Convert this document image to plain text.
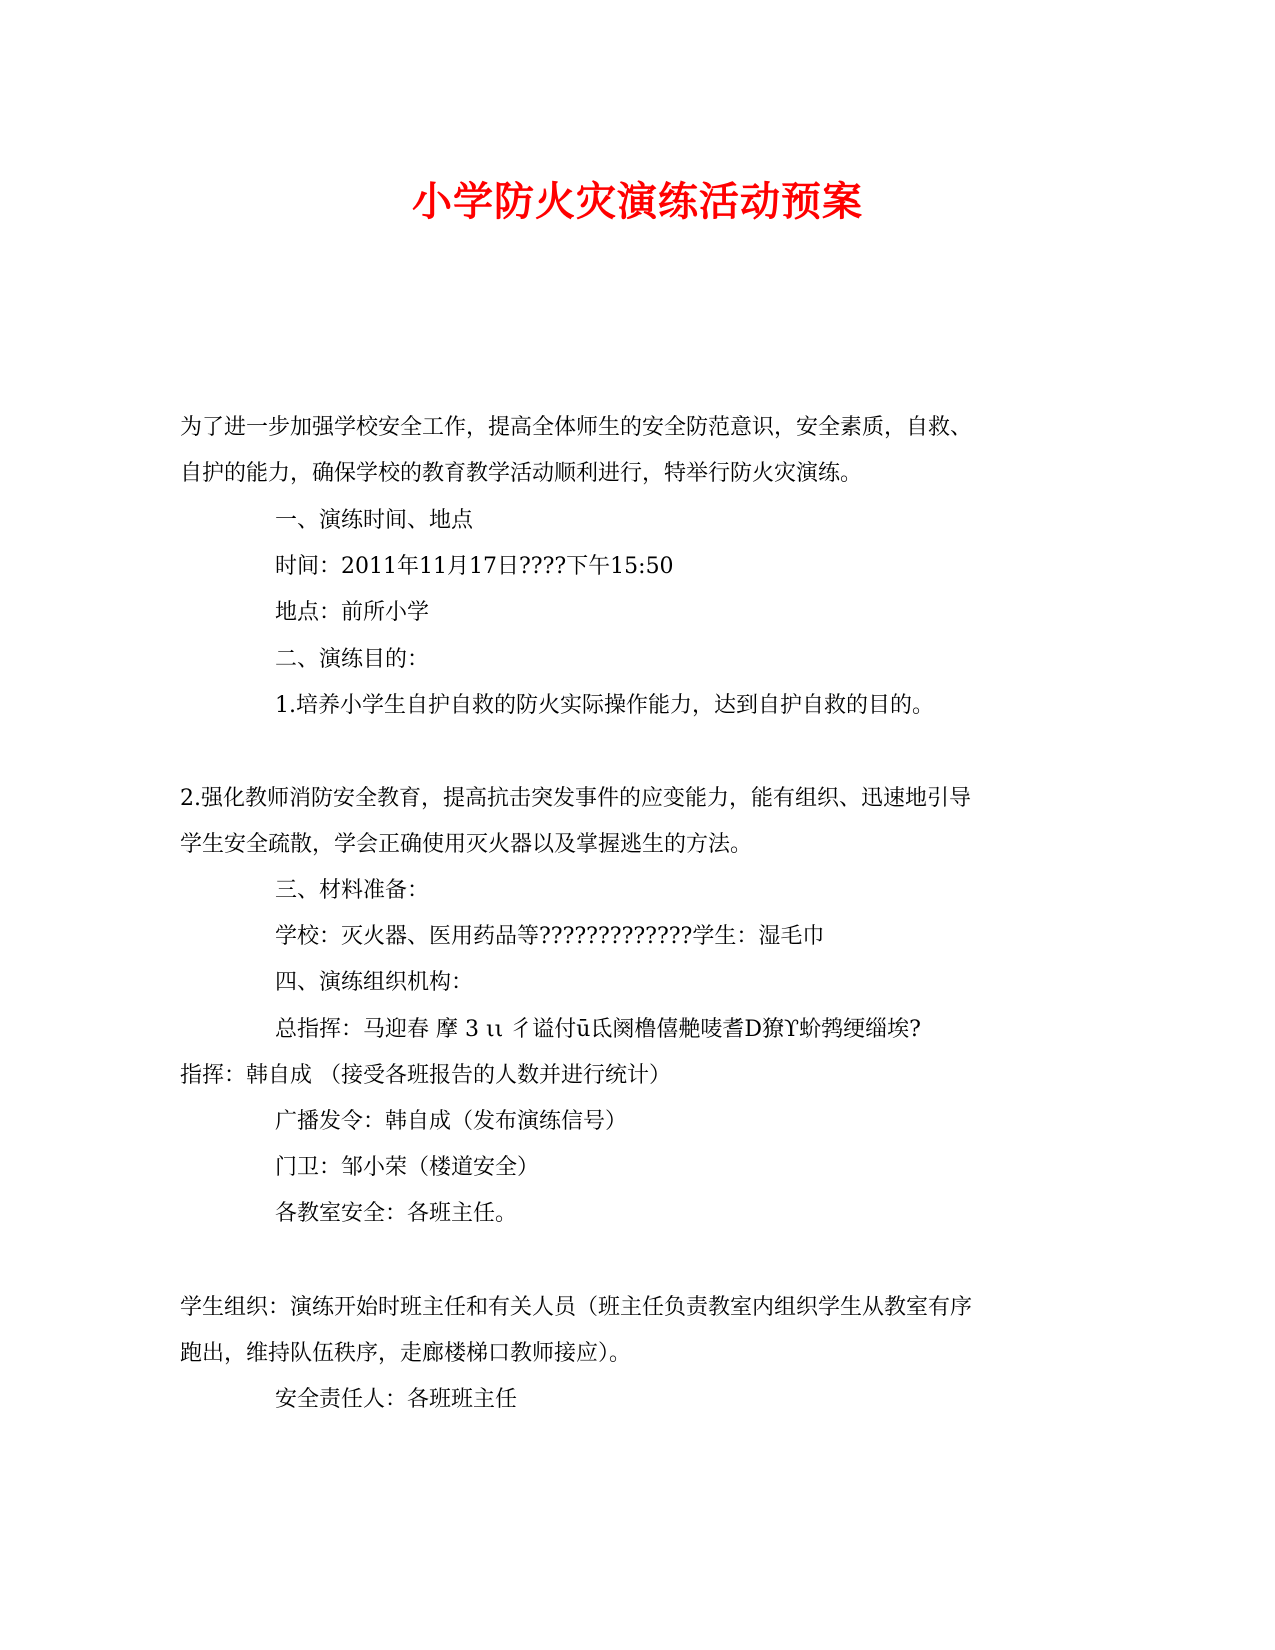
小学防火灾演练活动预案
为了进一步加强学校安全工作，提高全体师生的安全防范意识，安全素质，自救、
自护的能力，确保学校的教育教学活动顺利进行，特举行防火灾演练。
一、演练时间、地点
时间：2011年11月17日????下午15:50
地点：前所小学
二、演练目的：
1.培养小学生自护自救的防火实际操作能力，达到自护自救的目的。
2.强化教师消防安全教育，提高抗击突发事件的应变能力，能有组织、迅速地引导
学生安全疏散，学会正确使用灭火器以及掌握逃生的方法。
三、材料准备：
学校：灭火器、医用药品等?????????????学生：湿毛巾
四、演练组织机构：
总指挥：马迎春 摩 3 ιι 彳谥付ū氐阕橹僖艴唛耆D獠ϒ蚧鹁绠缁埃?
指挥：韩自成 （接受各班报告的人数并进行统计）
广播发令：韩自成（发布演练信号）
门卫：邹小荣（楼道安全）
各教室安全：各班主任。
学生组织：演练开始时班主任和有关人员（班主任负责教室内组织学生从教室有序
跑出，维持队伍秩序，走廊楼梯口教师接应）。
安全责任人：各班班主任
